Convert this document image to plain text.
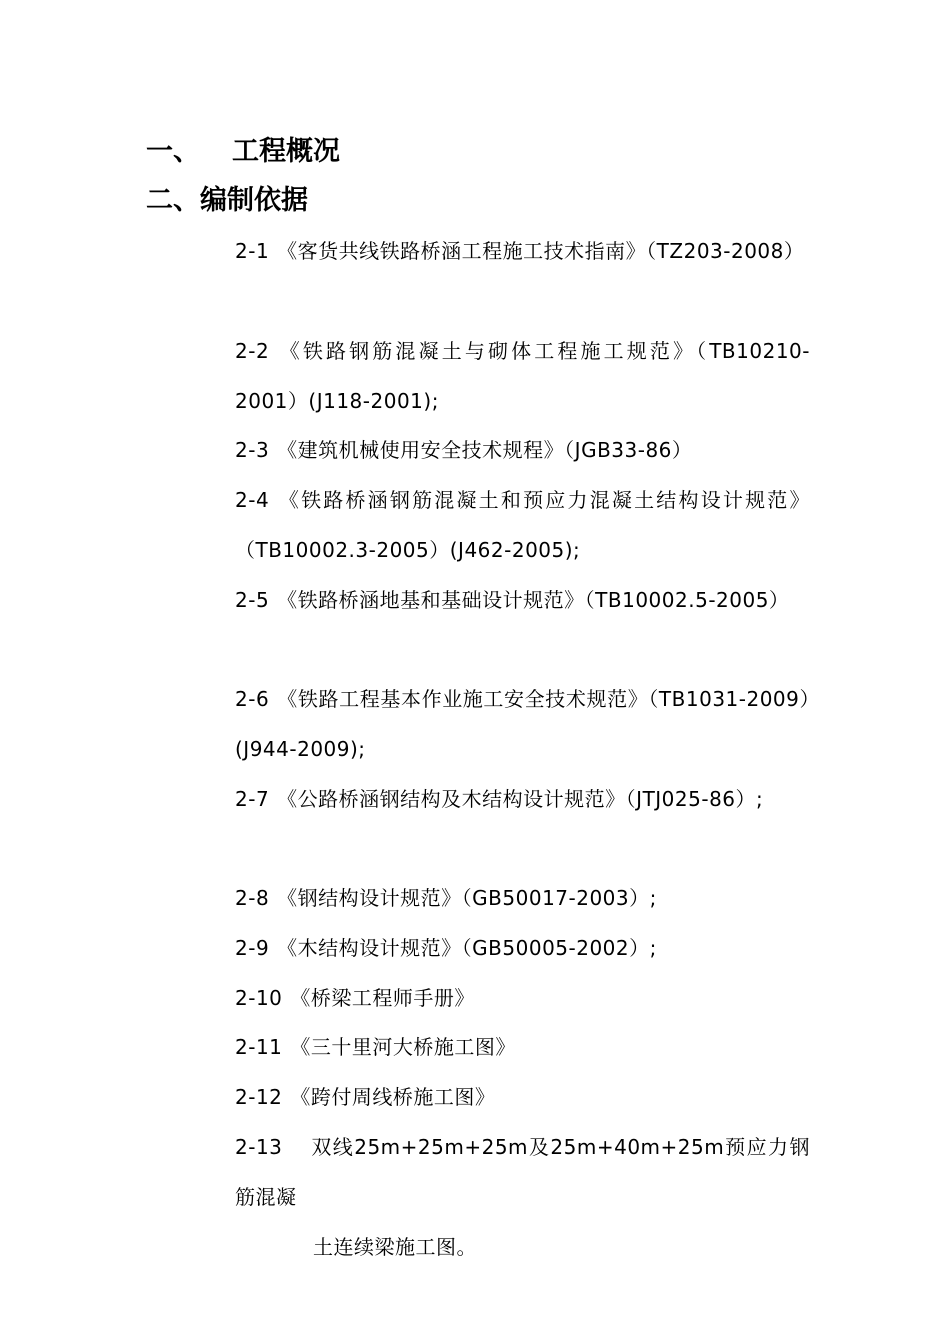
一、 工程概况
二、编制依据
2-1 《客货共线铁路桥涵工程施工技术指南》（TZ203-2008）
2-2 《铁路钢筋混凝土与砌体工程施工规范》（TB10210-2001）(J118-2001);
2-3 《建筑机械使用安全技术规程》（JGB33-86）
2-4 《铁路桥涵钢筋混凝土和预应力混凝土结构设计规范》（TB10002.3-2005）(J462-2005);
2-5 《铁路桥涵地基和基础设计规范》（TB10002.5-2005）
2-6 《铁路工程基本作业施工安全技术规范》（TB1031-2009）(J944-2009);
2-7 《公路桥涵钢结构及木结构设计规范》（JTJ025-86）;
2-8 《钢结构设计规范》（GB50017-2003）;
2-9 《木结构设计规范》（GB50005-2002）;
2-10 《桥梁工程师手册》
2-11 《三十里河大桥施工图》
2-12 《跨付周线桥施工图》
2-13 双线25m+25m+25m及25m+40m+25m预应力钢筋混凝
土连续梁施工图。
